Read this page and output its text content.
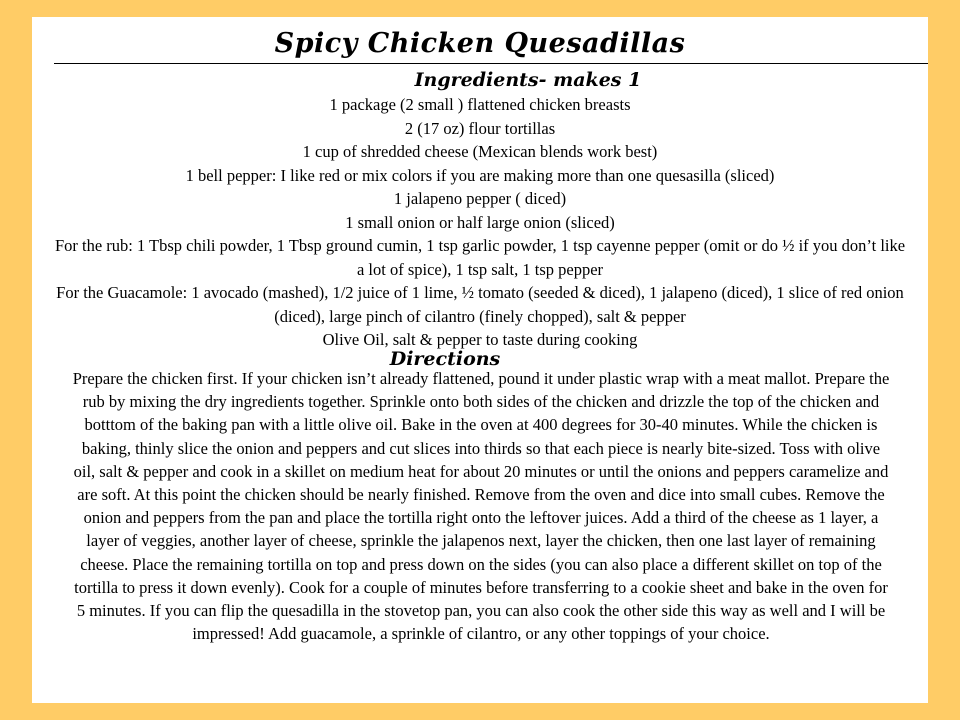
Spicy Chicken Quesadillas
Ingredients- makes 1
1 package (2 small ) flattened chicken breasts
2 (17 oz) flour tortillas
1 cup of shredded cheese (Mexican blends work best)
1 bell pepper: I like red or mix colors if you are making more than one quesasilla (sliced)
1 jalapeno pepper ( diced)
1 small onion or half large onion (sliced)
For the rub: 1 Tbsp chili powder, 1 Tbsp ground cumin, 1 tsp garlic powder, 1 tsp cayenne pepper (omit or do ½ if you don’t like a lot of spice), 1 tsp salt, 1 tsp pepper
For the Guacamole: 1 avocado (mashed), 1/2 juice of 1 lime, ½ tomato (seeded & diced), 1 jalapeno (diced), 1 slice of red onion (diced), large pinch of cilantro (finely chopped), salt & pepper
Olive Oil, salt & pepper to taste during cooking
Directions

Prepare the chicken first. If your chicken isn’t already flattened, pound it under plastic wrap with a meat mallot. Prepare the rub by mixing the dry ingredients together. Sprinkle onto both sides of the chicken and drizzle the top of the chicken and botttom of the baking pan with a little olive oil. Bake in the oven at 400 degrees for 30-40 minutes. While the chicken is baking, thinly slice the onion and peppers and cut slices into thirds so that each piece is nearly bite-sized. Toss with olive oil, salt & pepper and cook in a skillet on medium heat for about 20 minutes or until the onions and peppers caramelize and are soft. At this point the chicken should be nearly finished. Remove from the oven and dice into small cubes. Remove the onion and peppers from the pan and place the tortilla right onto the leftover juices. Add a third of the cheese as 1 layer, a layer of veggies, another layer of cheese, sprinkle the jalapenos next, layer the chicken, then one last layer of remaining cheese. Place the remaining tortilla on top and press down on the sides (you can also place a different skillet on top of the tortilla to press it down evenly). Cook for a couple of minutes before transferring to a cookie sheet and bake in the oven for 5 minutes. If you can flip the quesadilla in the stovetop pan, you can also cook the other side this way as well and I will be impressed! Add guacamole, a sprinkle of cilantro, or any other toppings of your choice.
